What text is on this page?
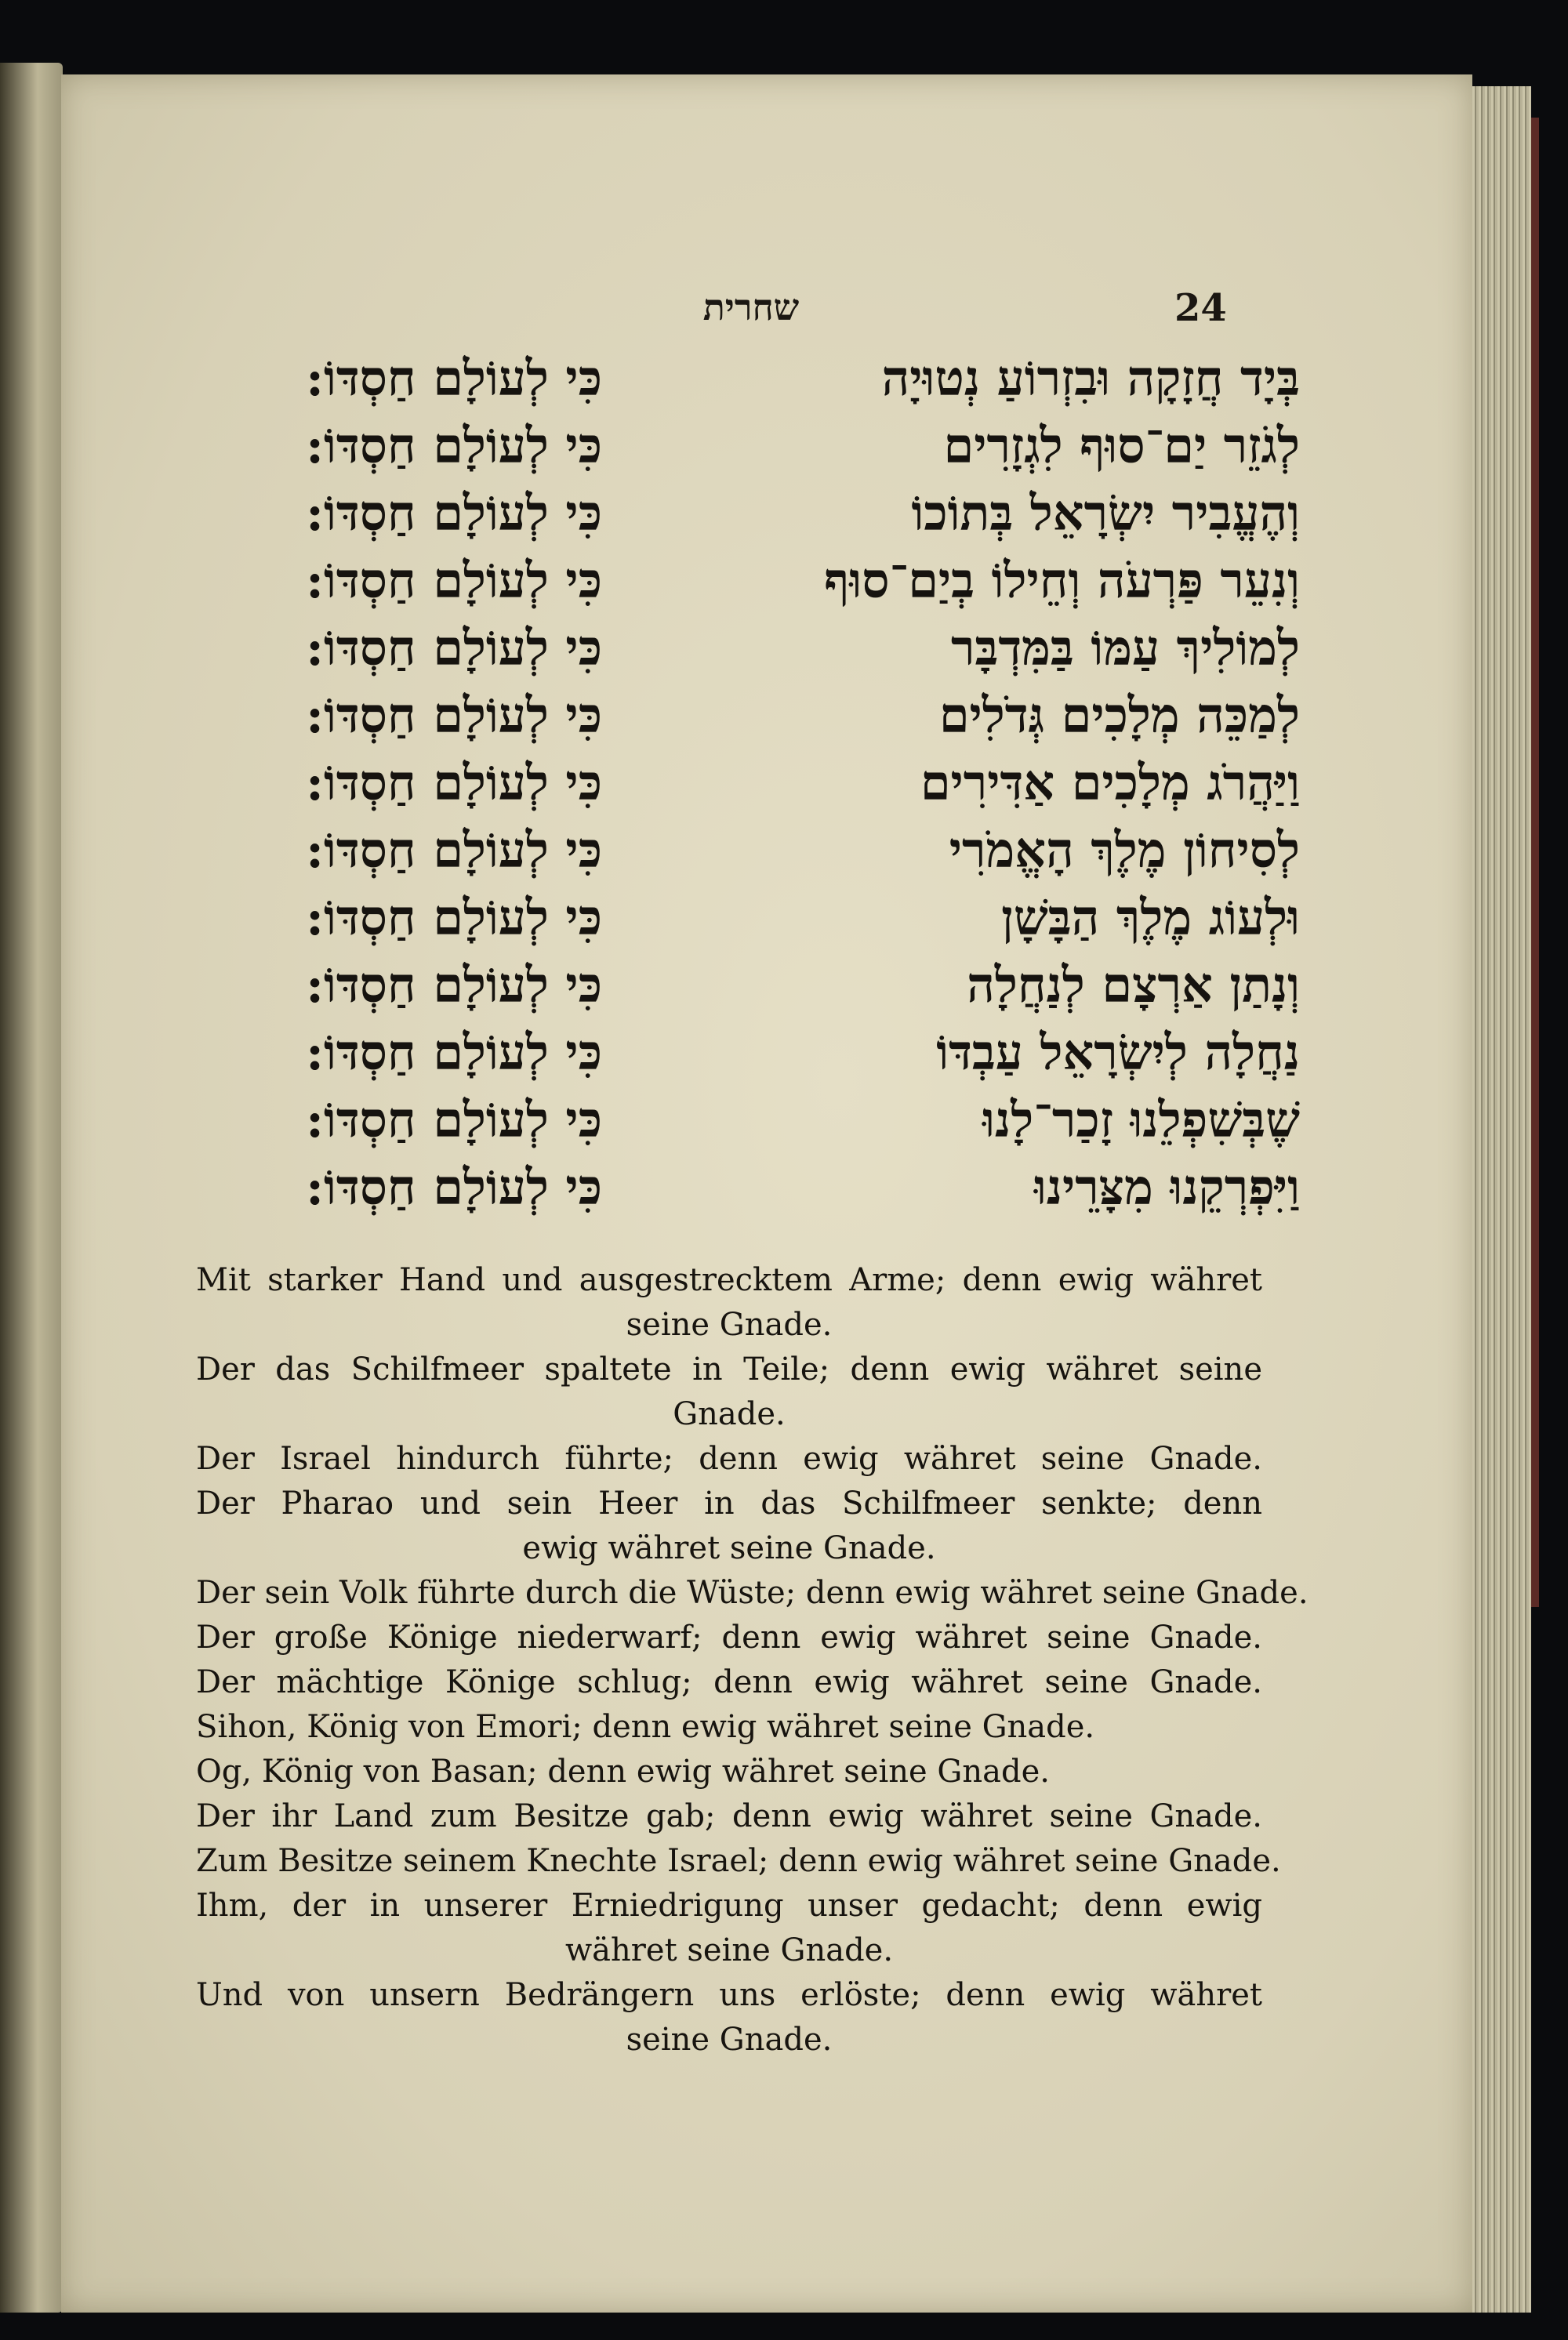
שחרית	24
בְּיָד חֲזָקָה וּבִזְרוֹעַ נְטוּיָה
כִּי לְעוֹלָם חַסְדּוֹ:
לְגֹזֵר יַם־סוּף לִגְזָרִים
כִּי לְעוֹלָם חַסְדּוֹ:
וְהֶעֱבִיר יִשְׂרָאֵל בְּתוֹכוֹ
כִּי לְעוֹלָם חַסְדּוֹ:
וְנִעֵר פַּרְעֹה וְחֵילוֹ בְיַם־סוּף
כִּי לְעוֹלָם חַסְדּוֹ:
לְמוֹלִיךְ עַמּוֹ בַּמִּדְבָּר
כִּי לְעוֹלָם חַסְדּוֹ:
לְמַכֵּה מְלָכִים גְּדֹלִים
כִּי לְעוֹלָם חַסְדּוֹ:
וַיַּהֲרֹג מְלָכִים אַדִּירִים
כִּי לְעוֹלָם חַסְדּוֹ:
לְסִיחוֹן מֶלֶךְ הָאֱמֹרִי
כִּי לְעוֹלָם חַסְדּוֹ:
וּלְעוֹג מֶלֶךְ הַבָּשָׁן
כִּי לְעוֹלָם חַסְדּוֹ:
וְנָתַן אַרְצָם לְנַחֲלָה
כִּי לְעוֹלָם חַסְדּוֹ:
נַחֲלָה לְיִשְׂרָאֵל עַבְדּוֹ
כִּי לְעוֹלָם חַסְדּוֹ:
שֶׁבְּשִׁפְלֵנוּ זָכַר־לָנוּ
כִּי לְעוֹלָם חַסְדּוֹ:
וַיִּפְרְקֵנוּ מִצָּרֵינוּ
כִּי לְעוֹלָם חַסְדּוֹ:
Mit starker Hand und ausgestrecktem Arme; denn ewig währet
seine Gnade.
Der das Schilfmeer spaltete in Teile; denn ewig währet seine
Gnade.
Der Israel hindurch führte; denn ewig währet seine Gnade.
Der Pharao und sein Heer in das Schilfmeer senkte; denn
ewig währet seine Gnade.
Der sein Volk führte durch die Wüste; denn ewig währet seine Gnade.
Der große Könige niederwarf; denn ewig währet seine Gnade.
Der mächtige Könige schlug; denn ewig währet seine Gnade.
Sihon, König von Emori; denn ewig währet seine Gnade.
Og, König von Basan; denn ewig währet seine Gnade.
Der ihr Land zum Besitze gab; denn ewig währet seine Gnade.
Zum Besitze seinem Knechte Israel; denn ewig währet seine Gnade.
Ihm, der in unserer Erniedrigung unser gedacht; denn ewig
währet seine Gnade.
Und von unsern Bedrängern uns erlöste; denn ewig währet
seine Gnade.
